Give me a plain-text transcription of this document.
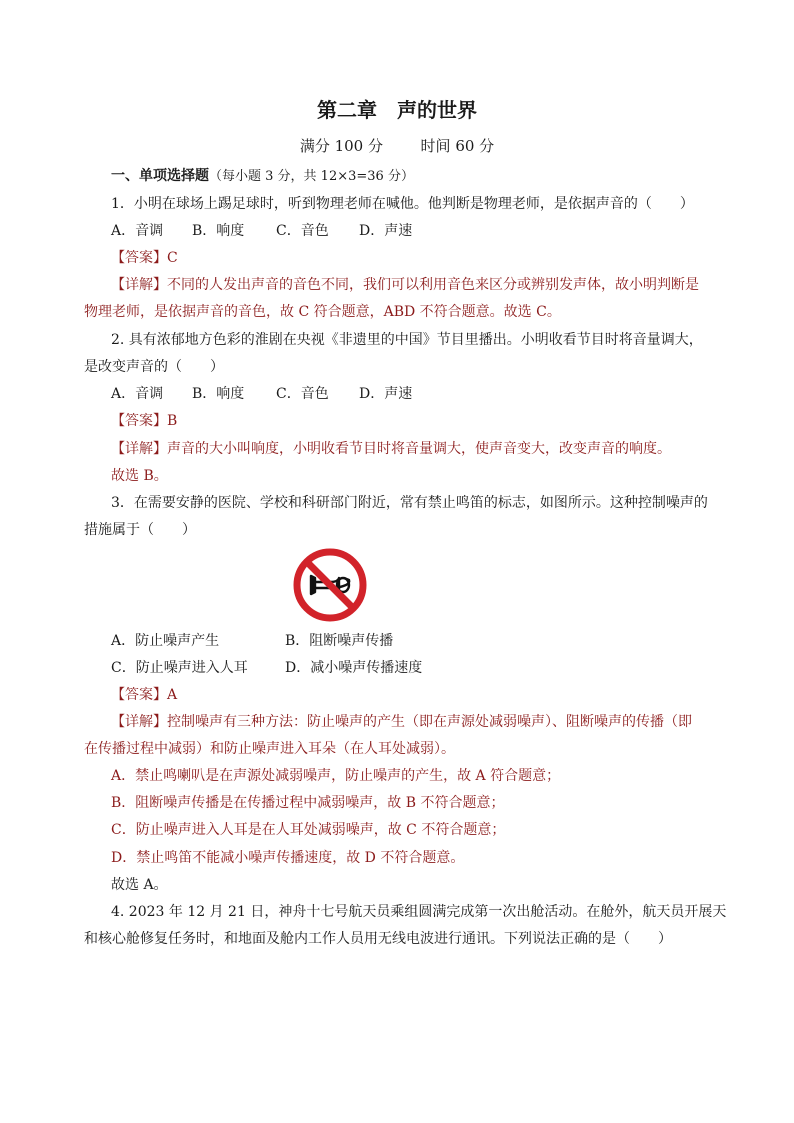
第二章　声的世界
满分 100 分	时间 60 分
一、单项选择题（每小题 3 分，共 12×3=36 分）
1．小明在球场上踢足球时，听到物理老师在喊他。他判断是物理老师，是依据声音的（　　）
A．音调 B．响度 C．音色 D．声速
【答案】C
【详解】不同的人发出声音的音色不同，我们可以利用音色来区分或辨别发声体，故小明判断是
物理老师，是依据声音的音色，故 C 符合题意，ABD 不符合题意。故选 C。
2. 具有浓郁地方色彩的淮剧在央视《非遗里的中国》节目里播出。小明收看节目时将音量调大，
是改变声音的（　　）
A．音调 B．响度 C．音色 D．声速
【答案】B
【详解】声音的大小叫响度，小明收看节目时将音量调大，使声音变大，改变声音的响度。
故选 B。
3．在需要安静的医院、学校和科研部门附近，常有禁止鸣笛的标志，如图所示。这种控制噪声的
措施属于（　　）
A．防止噪声产生	B．阻断噪声传播
C．防止噪声进入人耳	D．减小噪声传播速度
【答案】A
【详解】控制噪声有三种方法：防止噪声的产生（即在声源处减弱噪声）、阻断噪声的传播（即
在传播过程中减弱）和防止噪声进入耳朵（在人耳处减弱）。
A．禁止鸣喇叭是在声源处减弱噪声，防止噪声的产生，故 A 符合题意；
B．阻断噪声传播是在传播过程中减弱噪声，故 B 不符合题意；
C．防止噪声进入人耳是在人耳处减弱噪声，故 C 不符合题意；
D．禁止鸣笛不能减小噪声传播速度，故 D 不符合题意。
故选 A。
4. 2023 年 12 月 21 日，神舟十七号航天员乘组圆满完成第一次出舱活动。在舱外，航天员开展天
和核心舱修复任务时，和地面及舱内工作人员用无线电波进行通讯。下列说法正确的是（　　）
